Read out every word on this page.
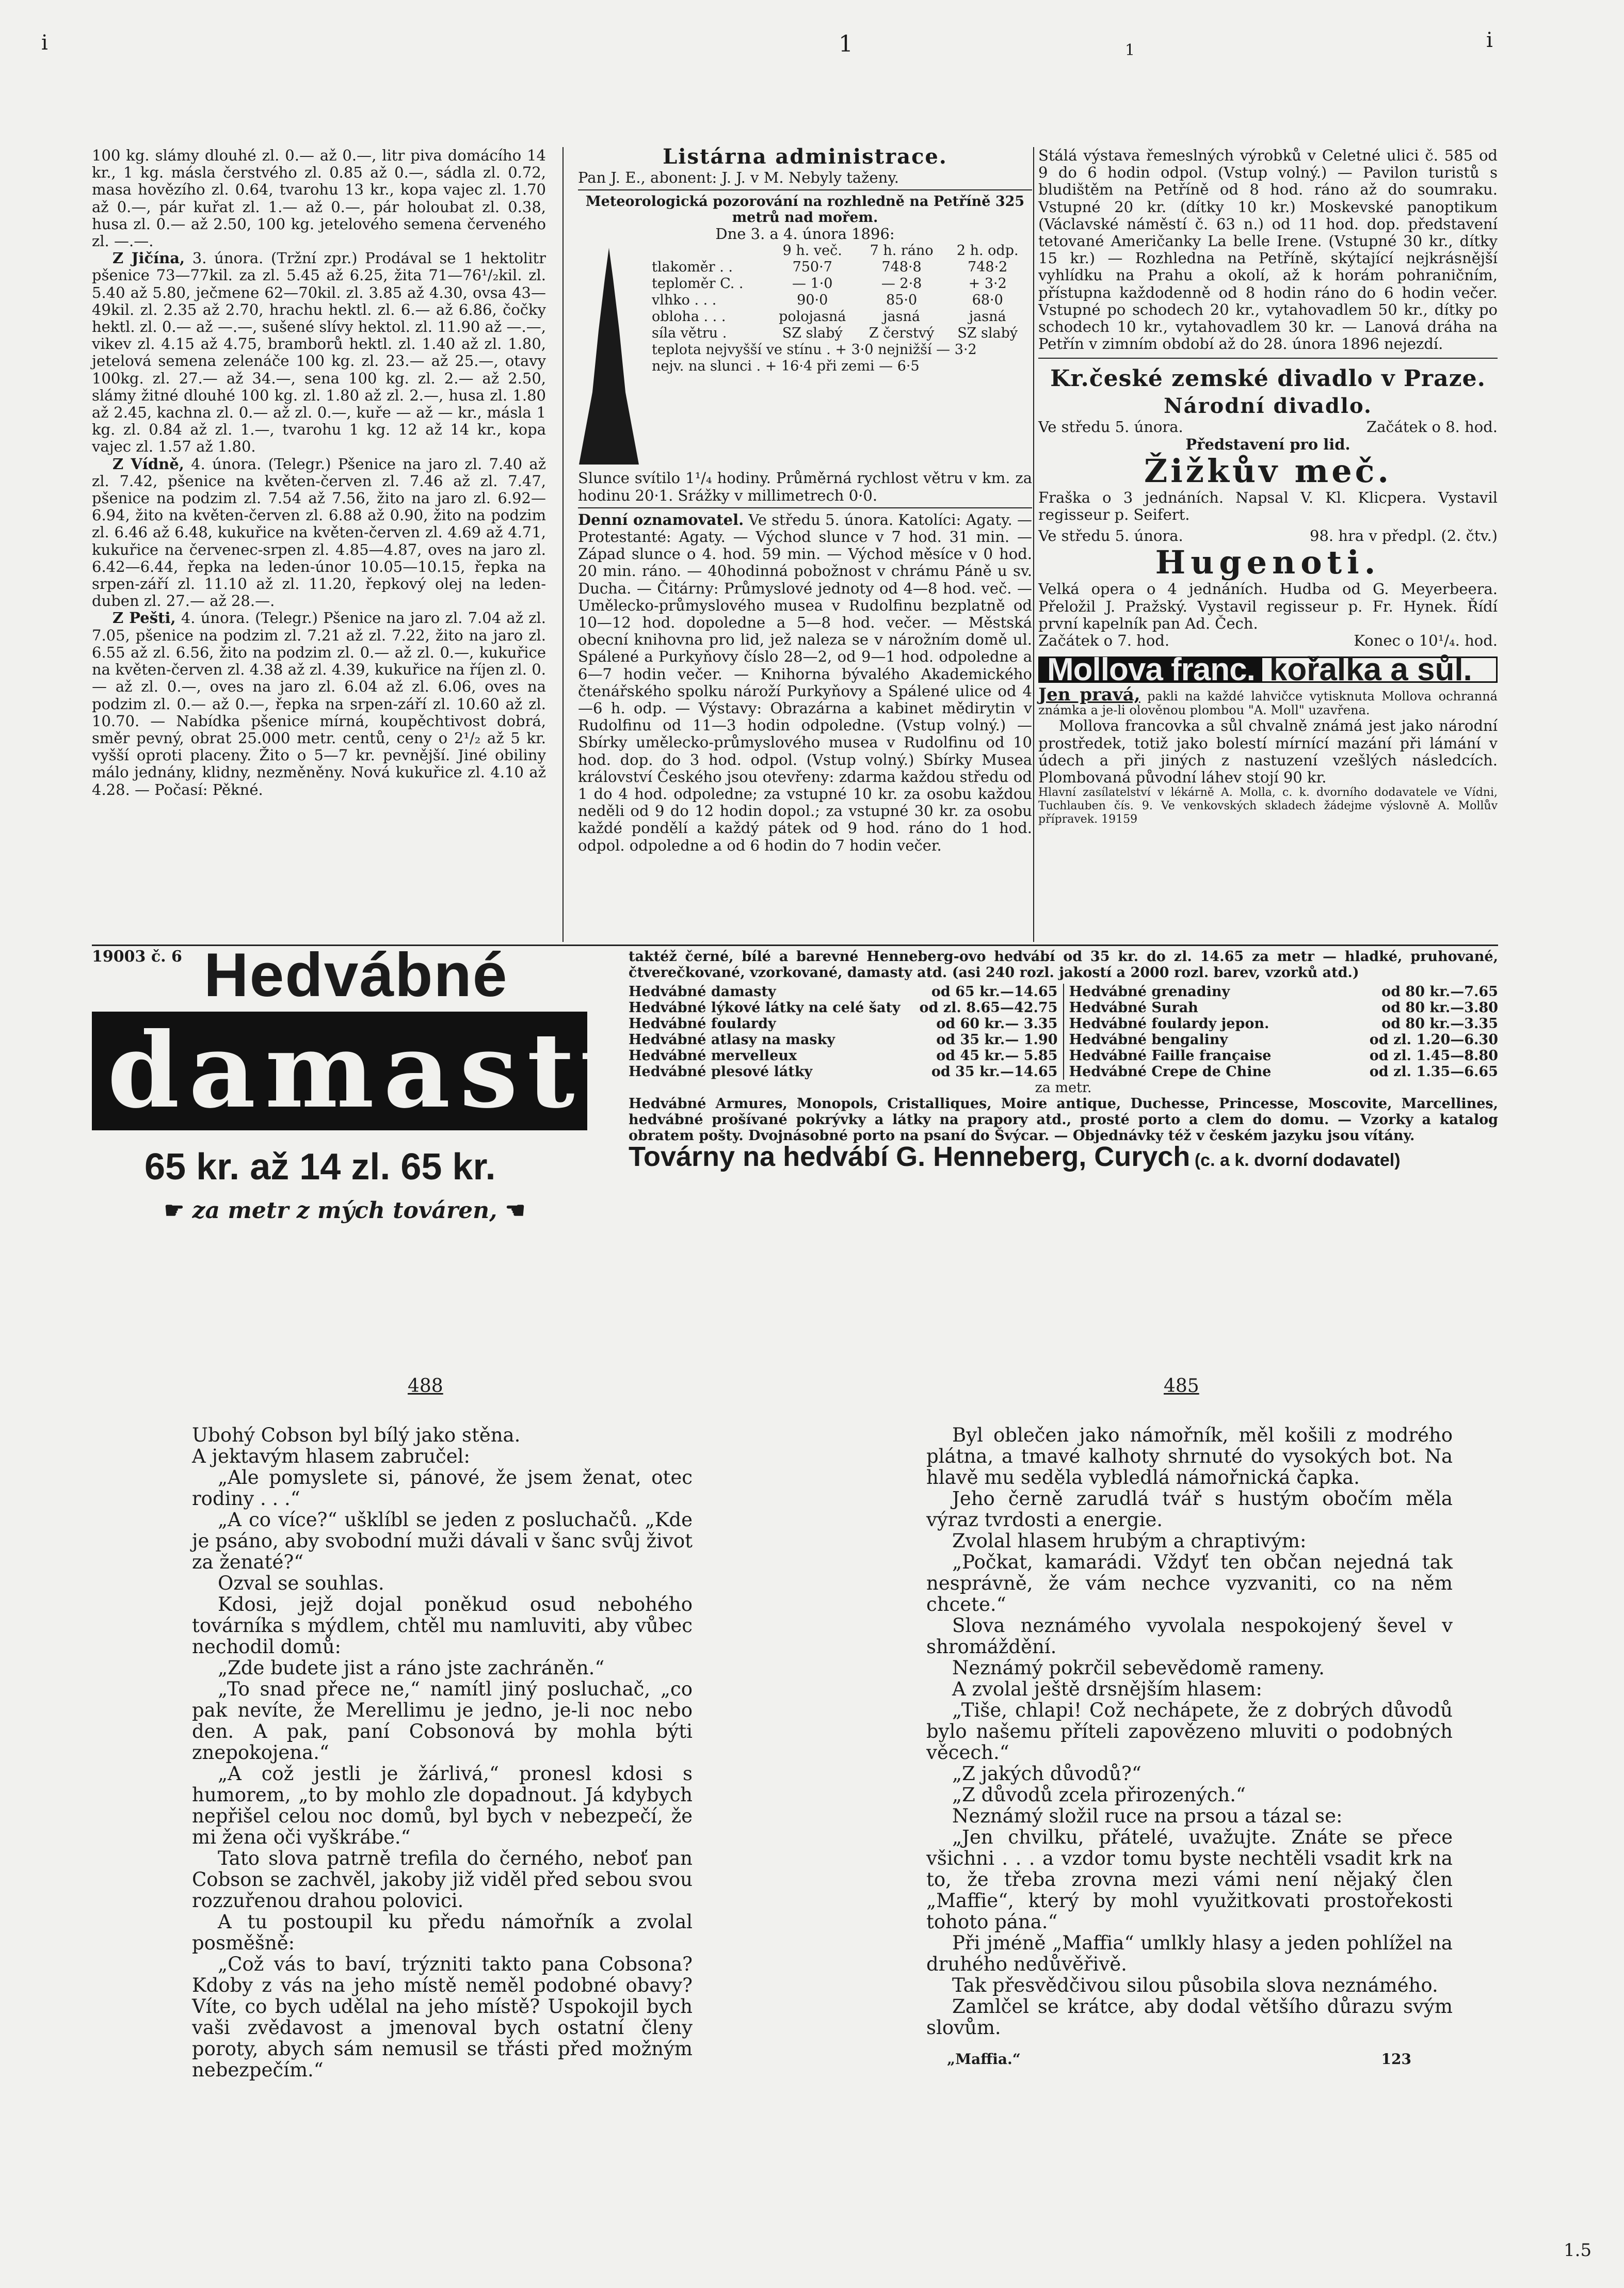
ⅰ	1	1	ⅰ

100 kg. slámy dlouhé zl. 0.— až 0.—, litr piva domácího 14 kr., 1 kg. másla čerstvého zl. 0.85 až 0.—, sádla zl. 0.72, masa hovězího zl. 0.64, tvarohu 13 kr., kopa vajec zl. 1.70 až 0.—, pár kuřat zl. 1.— až 0.—, pár holoubat zl. 0.38, husa zl. 0.— až 2.50, 100 kg. jetelového semena červeného zl. —.—.

Z Jičína, 3. února. (Tržní zpr.) Prodával se 1 hektolitr pšenice 73—77kil. za zl. 5.45 až 6.25, žita 71—76¹/₂kil. zl. 5.40 až 5.80, ječmene 62—70kil. zl. 3.85 až 4.30, ovsa 43—49kil. zl. 2.35 až 2.70, hrachu hektl. zl. 6.— až 6.86, čočky hektl. zl. 0.— až —.—, sušené slívy hektol. zl. 11.90 až —.—, vikev zl. 4.15 až 4.75, bramborů hektl. zl. 1.40 až zl. 1.80, jetelová semena zelenáče 100 kg. zl. 23.— až 25.—, otavy 100kg. zl. 27.— až 34.—, sena 100 kg. zl. 2.— až 2.50, slámy žitné dlouhé 100 kg. zl. 1.80 až zl. 2.—, husa zl. 1.80 až 2.45, kachna zl. 0.— až zl. 0.—, kuře — až — kr., másla 1 kg. zl. 0.84 až zl. 1.—, tvarohu 1 kg. 12 až 14 kr., kopa vajec zl. 1.57 až 1.80.

Z Vídně, 4. února. (Telegr.) Pšenice na jaro zl. 7.40 až zl. 7.42, pšenice na květen-červen zl. 7.46 až zl. 7.47, pšenice na podzim zl. 7.54 až 7.56, žito na jaro zl. 6.92—6.94, žito na květen-červen zl. 6.88 až 0.90, žito na podzim zl. 6.46 až 6.48, kukuřice na květen-červen zl. 4.69 až 4.71, kukuřice na červenec-srpen zl. 4.85—4.87, oves na jaro zl. 6.42—6.44, řepka na leden-únor 10.05—10.15, řepka na srpen-září zl. 11.10 až zl. 11.20, řepkový olej na leden-duben zl. 27.— až 28.—.

Z Pešti, 4. února. (Telegr.) Pšenice na jaro zl. 7.04 až zl. 7.05, pšenice na podzim zl. 7.21 až zl. 7.22, žito na jaro zl. 6.55 až zl. 6.56, žito na podzim zl. 0.— až zl. 0.—, kukuřice na květen-červen zl. 4.38 až zl. 4.39, kukuřice na říjen zl. 0.— až zl. 0.—, oves na jaro zl. 6.04 až zl. 6.06, oves na podzim zl. 0.— až 0.—, řepka na srpen-září zl. 10.60 až zl. 10.70. — Nabídka pšenice mírná, koupěchtivost dobrá, směr pevný, obrat 25.000 metr. centů, ceny o 2¹/₂ až 5 kr. vyšší oproti placeny. Žito o 5—7 kr. pevnější. Jiné obiliny málo jednány, klidny, nezměněny. Nová kukuřice zl. 4.10 až 4.28. — Počasí: Pěkné.

Listárna administrace.

Pan J. E., abonent: J. J. v M. Nebyly taženy.

Meteorologická pozorování na rozhledně na Petříně 325 metrů nad mořem.

Dne 3. a 4. února 1896:

	9 h. več.	7 h. ráno	2 h. odp.
tlakoměr . .	750·7	748·8	748·2
teploměr C. .	— 1·0	— 2·8	+ 3·2
vlhko . . .	90·0	85·0	68·0
obloha . . .	polojasná	jasná	jasná
síla větru .	SZ slabý	Z čerstvý	SZ slabý
teplota nejvyšší ve stínu . + 3·0 nejnižší — 3·2			
nejv. na slunci . + 16·4 při zemi — 6·5			

Slunce svítilo 1¹/₄ hodiny. Průměrná rychlost větru v km. za hodinu 20·1. Srážky v millimetrech 0·0.

Denní oznamovatel. Ve středu 5. února. Katolíci: Agaty. — Protestanté: Agaty. — Východ slunce v 7 hod. 31 min. — Západ slunce o 4. hod. 59 min. — Východ měsíce v 0 hod. 20 min. ráno. — 40hodinná pobožnost v chrámu Páně u sv. Ducha. — Čitárny: Průmyslové jednoty od 4—8 hod. več. — Umělecko-průmyslového musea v Rudolfinu bezplatně od 10—12 hod. dopoledne a 5—8 hod. večer. — Městská obecní knihovna pro lid, jež naleza se v nárožním domě ul. Spálené a Purkyňovy číslo 28—2, od 9—1 hod. odpoledne a 6—7 hodin večer. — Knihorna bývalého Akademického čtenářského spolku nároží Purkyňovy a Spálené ulice od 4—6 h. odp. — Výstavy: Obrazárna a kabinet mědirytin v Rudolfinu od 11—3 hodin odpoledne. (Vstup volný.) — Sbírky umělecko-průmyslového musea v Rudolfinu od 10 hod. dop. do 3 hod. odpol. (Vstup volný.) Sbírky Musea království Českého jsou otevřeny: zdarma každou středu od 1 do 4 hod. odpoledne; za vstupné 10 kr. za osobu každou neděli od 9 do 12 hodin dopol.; za vstupné 30 kr. za osobu každé pondělí a každý pátek od 9 hod. ráno do 1 hod. odpol. odpoledne a od 6 hodin do 7 hodin večer.

Stálá výstava řemeslných výrobků v Celetné ulici č. 585 od 9 do 6 hodin odpol. (Vstup volný.) — Pavilon turistů s bludištěm na Petříně od 8 hod. ráno až do soumraku. Vstupné 20 kr. (dítky 10 kr.) Moskevské panoptikum (Václavské náměstí č. 63 n.) od 11 hod. dop. představení tetované Američanky La belle Irene. (Vstupné 30 kr., dítky 15 kr.) — Rozhledna na Petříně, skýtající nejkrásnější vyhlídku na Prahu a okolí, až k horám pohraničním, přístupna každodenně od 8 hodin ráno do 6 hodin večer. Vstupné po schodech 20 kr., vytahovadlem 50 kr., dítky po schodech 10 kr., vytahovadlem 30 kr. — Lanová dráha na Petřín v zimním období až do 28. února 1896 nejezdí.

Kr.české zemské divadlo v Praze.
Národní divadlo.
Ve středu 5. února.	Začátek o 8. hod.

Představení pro lid.

Žižkův meč.

Fraška o 3 jednáních. Napsal V. Kl. Klicpera. Vystavil regisseur p. Seifert.

Ve středu 5. února.	98. hra v předpl. (2. čtv.)
Hugenoti.

Velká opera o 4 jednáních. Hudba od G. Meyerbeera. Přeložil J. Pražský. Vystavil regisseur p. Fr. Hynek. Řídí první kapelník pan Ad. Čech.

Začátek o 7. hod.	Konec o 10¹/₄. hod.
Mollova franc. kořalka a sůl.

Jen pravá, pakli na každé lahvičce vytisknuta Mollova ochranná známka a je-li olověnou plombou "A. Moll" uzavřena.

Mollova francovka a sůl chvalně známá jest jako národní prostředek, totiž jako bolestí mírnící mazání při lámání v údech a při jiných z nastuzení vzešlých následcích. Plombovaná původní láhev stojí 90 kr.

Hlavní zasílatelství v lékárně A. Molla, c. k. dvorního dodavatele ve Vídni, Tuchlauben čís. 9. Ve venkovských skladech žádejme výslovně A. Mollův přípravek. 19159

19003 č. 6 Hedvábné
damasty
65 kr. až 14 zl. 65 kr.
☛ za metr z mých továren, ☚

taktéž černé, bílé a barevné Henneberg-ovo hedvábí od 35 kr. do zl. 14.65 za metr — hladké, pruhované, čtverečkované, vzorkované, damasty atd. (asi 240 rozl. jakostí a 2000 rozl. barev, vzorků atd.)

Hedvábné damasty	od 65 kr.—14.65
Hedvábné lýkové látky na celé šaty od zl. 8.65—42.75
Hedvábné foulardy	od 60 kr.— 3.35
Hedvábné atlasy na masky	od 35 kr.— 1.90
Hedvábné mervelleux	od 45 kr.— 5.85
Hedvábné plesové látky	od 35 kr.—14.65
Hedvábné grenadiny	od 80 kr.—7.65
Hedvábné Surah	od 80 kr.—3.80
Hedvábné foulardy jepon.	od 80 kr.—3.35
Hedvábné bengaliny	od zl. 1.20—6.30
Hedvábné Faille française	od zl. 1.45—8.80
Hedvábné Crepe de Chine	od zl. 1.35—6.65

za metr.

Hedvábné Armures, Monopols, Cristalliques, Moire antique, Duchesse, Princesse, Moscovite, Marcellines, hedvábné prošívané pokrývky a látky na prapory atd., prosté porto a clem do domu. — Vzorky a katalog obratem pošty. Dvojnásobné porto na psaní do Švýcar. — Objednávky též v českém jazyku jsou vítány.

Továrny na hedvábí G. Henneberg, Curych (c. a k. dvorní dodavatel)
488	485

Ubohý Cobson byl bílý jako stěna.

A jektavým hlasem zabručel:

„Ale pomyslete si, pánové, že jsem ženat, otec rodiny . . .“

„A co více?“ ušklíbl se jeden z posluchačů. „Kde je psáno, aby svobodní muži dávali v šanc svůj život za ženaté?“

Ozval se souhlas.

Kdosi, jejž dojal poněkud osud nebohého továrníka s mýdlem, chtěl mu namluviti, aby vůbec nechodil domů:

„Zde budete jist a ráno jste zachráněn.“

„To snad přece ne,“ namítl jiný posluchač, „co pak nevíte, že Merellimu je jedno, je-li noc nebo den. A pak, paní Cobsonová by mohla býti znepokojena.“

„A což jestli je žárlivá,“ pronesl kdosi s humorem, „to by mohlo zle dopadnout. Já kdybych nepřišel celou noc domů, byl bych v nebezpečí, že mi žena oči vyškrábe.“

Tato slova patrně trefila do černého, neboť pan Cobson se zachvěl, jakoby již viděl před sebou svou rozzuřenou drahou polovici.

A tu postoupil ku předu námořník a zvolal posměšně:

„Což vás to baví, trýzniti takto pana Cobsona? Kdoby z vás na jeho místě neměl podobné obavy? Víte, co bych udělal na jeho místě? Uspokojil bych vaši zvědavost a jmenoval bych ostatní členy poroty, abych sám nemusil se třásti před možným nebezpečím.“

Byl oblečen jako námořník, měl košili z modrého plátna, a tmavé kalhoty shrnuté do vysokých bot. Na hlavě mu seděla vybledlá námořnická čapka.

Jeho černě zarudlá tvář s hustým obočím měla výraz tvrdosti a energie.

Zvolal hlasem hrubým a chraptivým:

„Počkat, kamarádi. Vždyť ten občan nejedná tak nesprávně, že vám nechce vyzvaniti, co na něm chcete.“

Slova neznámého vyvolala nespokojený ševel v shromáždění.

Neznámý pokrčil sebevědomě rameny.

A zvolal ještě drsnějším hlasem:

„Tiše, chlapi! Což nechápete, že z dobrých důvodů bylo našemu příteli zapovězeno mluviti o podobných věcech.“

„Z jakých důvodů?“

„Z důvodů zcela přirozených.“

Neznámý složil ruce na prsou a tázal se:

„Jen chvilku, přátelé, uvažujte. Znáte se přece všichni . . . a vzdor tomu byste nechtěli vsadit krk na to, že třeba zrovna mezi vámi není nějaký člen „Maffie“, který by mohl využitkovati prostořekosti tohoto pána.“

Při jméně „Maffia“ umlkly hlasy a jeden pohlížel na druhého nedůvěřivě.

Tak přesvědčivou silou působila slova neznámého.

Zamlčel se krátce, aby dodal většího důrazu svým slovům.

„Maffia.“	123
1.5
